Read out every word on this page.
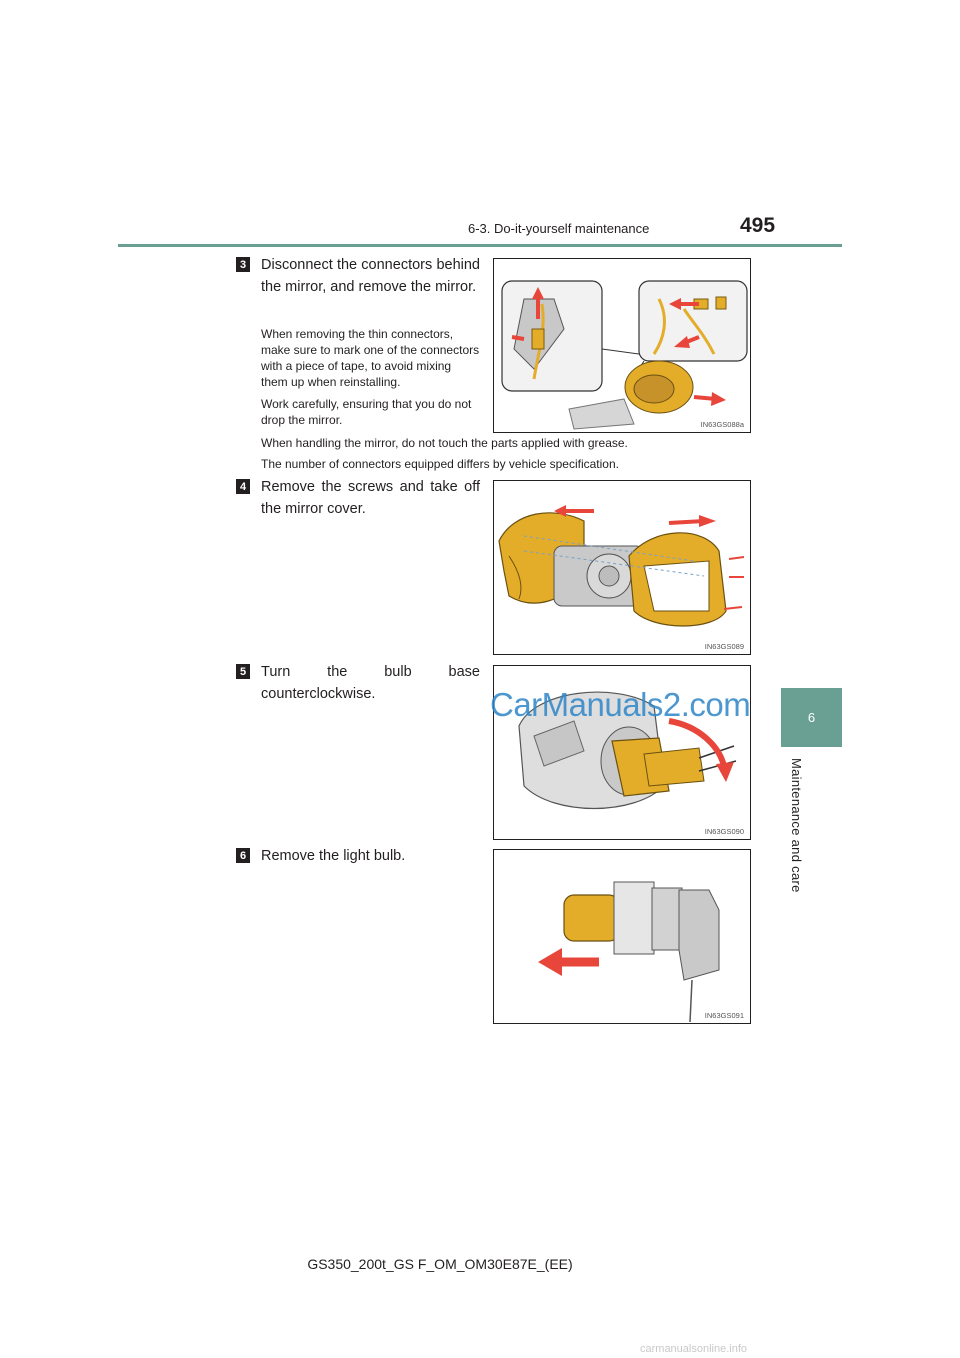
6-3. Do-it-yourself maintenance	495
6
Maintenance and care
3 Disconnect the connectors behind the mirror, and remove the mirror.
When removing the thin connectors, make sure to mark one of the connectors with a piece of tape, to avoid mixing them up when reinstalling.
Work carefully, ensuring that you do not drop the mirror.	IN63GS088a
When handling the mirror, do not touch the parts applied with grease.
The number of connectors equipped differs by vehicle specification.
4 Remove the screws and take off the mirror cover.
IN63GS089
5 Turn the bulb base counterclockwise.
IN63GS090
6 Remove the light bulb.
IN63GS091
CarManuals2.com
carmanualsonline.info
GS350_200t_GS F_OM_OM30E87E_(EE)
